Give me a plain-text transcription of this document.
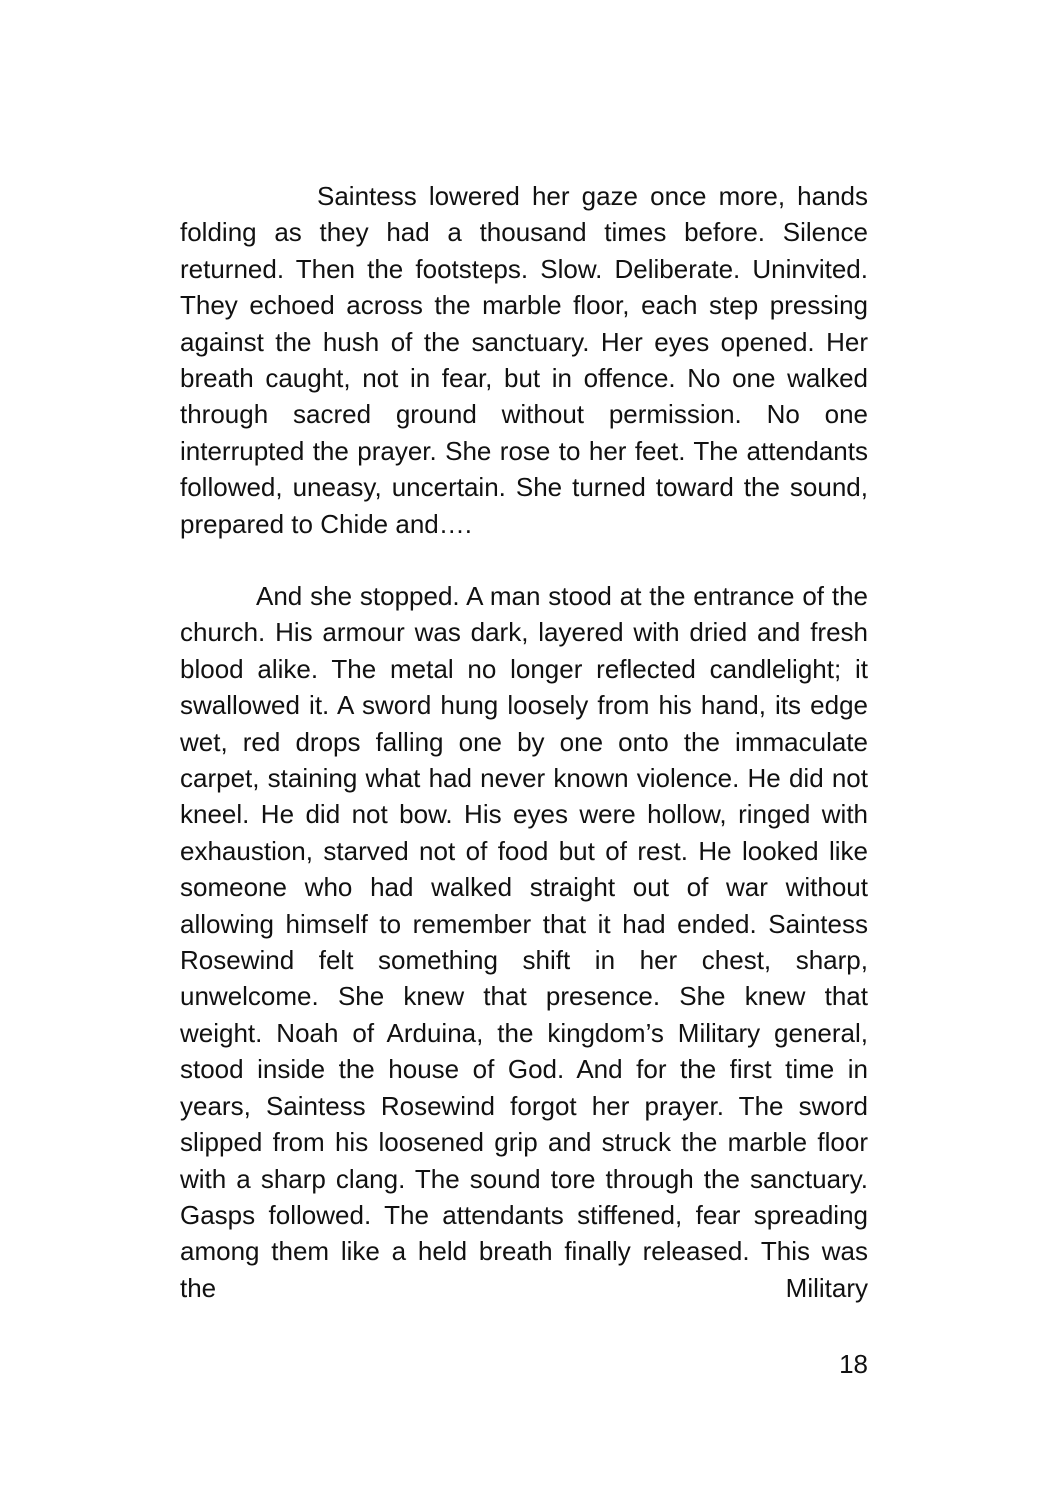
Saintess lowered her gaze once more, hands folding as they had a thousand times before. Silence returned. Then the footsteps. Slow. Deliberate. Uninvited. They echoed across the marble floor, each step pressing against the hush of the sanctuary. Her eyes opened. Her breath caught, not in fear, but in offence. No one walked through sacred ground without permission. No one interrupted the prayer. She rose to her feet. The attendants followed, uneasy, uncertain. She turned toward the sound, prepared to Chide and….

And she stopped. A man stood at the entrance of the church. His armour was dark, layered with dried and fresh blood alike. The metal no longer reflected candlelight; it swallowed it. A sword hung loosely from his hand, its edge wet, red drops falling one by one onto the immaculate carpet, staining what had never known violence. He did not kneel. He did not bow. His eyes were hollow, ringed with exhaustion, starved not of food but of rest. He looked like someone who had walked straight out of war without allowing himself to remember that it had ended. Saintess Rosewind felt something shift in her chest, sharp, unwelcome. She knew that presence. She knew that weight. Noah of Arduina, the kingdom’s Military general, stood inside the house of God. And for the first time in years, Saintess Rosewind forgot her prayer. The sword slipped from his loosened grip and struck the marble floor with a sharp clang. The sound tore through the sanctuary. Gasps followed. The attendants stiffened, fear spreading among them like a held breath finally released. This was the Military

18
